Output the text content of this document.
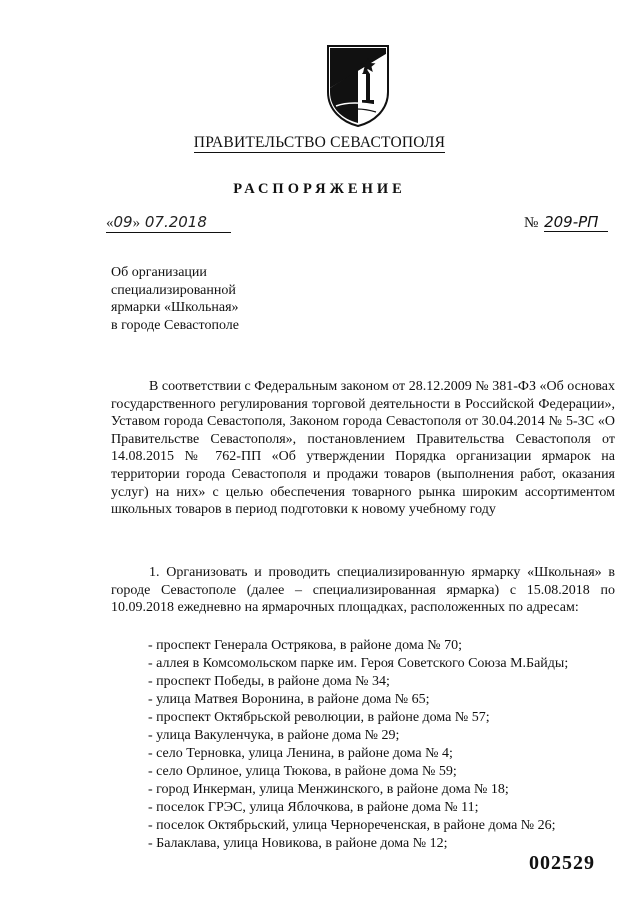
ПРАВИТЕЛЬСТВО СЕВАСТОПОЛЯ
РАСПОРЯЖЕНИЕ
«09» 07.2018	№ 209-РП
Об организации
специализированной
ярмарки «Школьная»
в городе Севастополе
В соответствии с Федеральным законом от 28.12.2009 № 381-ФЗ «Об основах государственного регулирования торговой деятельности в Российской Федерации», Уставом города Севастополя, Законом города Севастополя от 30.04.2014 № 5-ЗС «О Правительстве Севастополя», постановлением Правительства Севастополя от 14.08.2015 № 762-ПП «Об утверждении Порядка организации ярмарок на территории города Севастополя и продажи товаров (выполнения работ, оказания услуг) на них» с целью обеспечения товарного рынка широким ассортиментом школьных товаров в период подготовки к новому учебному году
1. Организовать и проводить специализированную ярмарку «Школьная» в городе Севастополе (далее – специализированная ярмарка) с 15.08.2018 по 10.09.2018 ежедневно на ярмарочных площадках, расположенных по адресам:
- проспект Генерала Острякова, в районе дома № 70;
- аллея в Комсомольском парке им. Героя Советского Союза М.Байды;
- проспект Победы, в районе дома № 34;
- улица Матвея Воронина, в районе дома № 65;
- проспект Октябрьской революции, в районе дома № 57;
- улица Вакуленчука, в районе дома № 29;
- село Терновка, улица Ленина, в районе дома № 4;
- село Орлиное, улица Тюкова, в районе дома № 59;
- город Инкерман, улица Менжинского, в районе дома № 18;
- поселок ГРЭС, улица Яблочкова, в районе дома № 11;
- поселок Октябрьский, улица Чернореченская, в районе дома № 26;
- Балаклава, улица Новикова, в районе дома № 12;
002529
